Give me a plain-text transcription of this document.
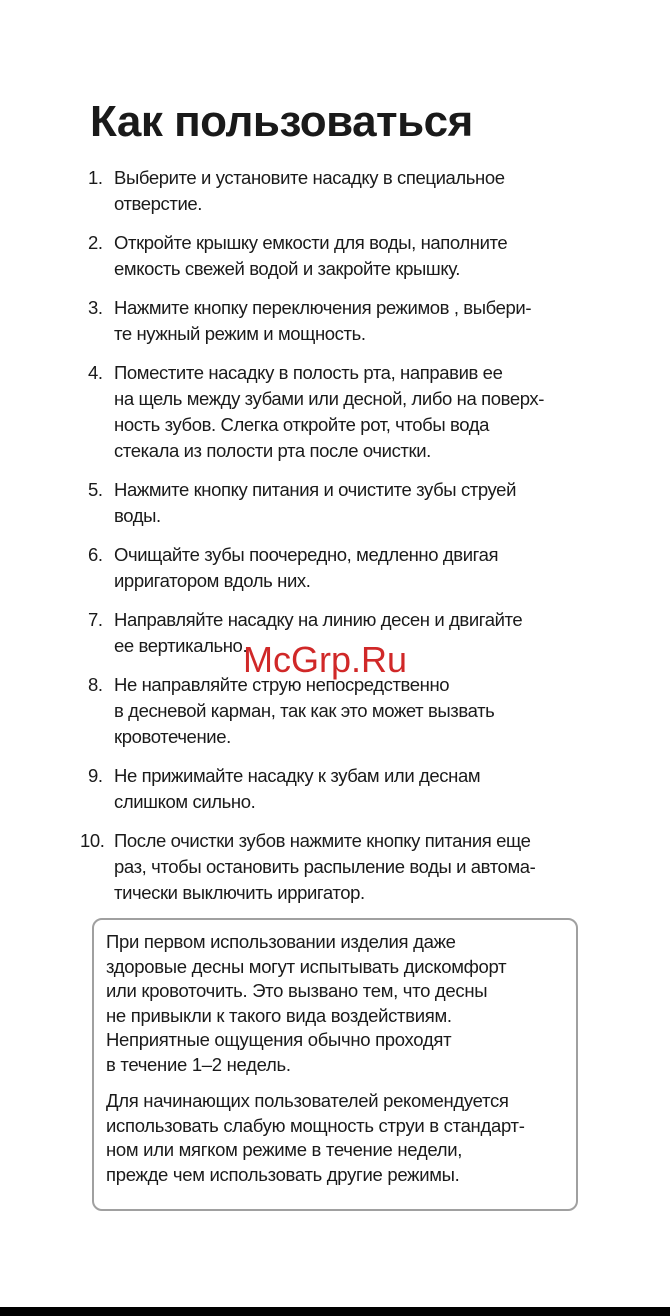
Как пользоваться
1. Выберите и установите насадку в специальное
отверстие.
2. Откройте крышку емкости для воды, наполните
емкость свежей водой и закройте крышку.
3. Нажмите кнопку переключения режимов , выбери-
те нужный режим и мощность.
4. Поместите насадку в полость рта, направив ее
на щель между зубами или десной, либо на поверх-
ность зубов. Слегка откройте рот, чтобы вода
стекала из полости рта после очистки.
5. Нажмите кнопку питания и очистите зубы струей
воды.
6. Очищайте зубы поочередно, медленно двигая
ирригатором вдоль них.
7. Направляйте насадку на линию десен и двигайте
ее вертикально.
8. Не направляйте струю непосредственно
в десневой карман, так как это может вызвать
кровотечение.
9. Не прижимайте насадку к зубам или деснам
слишком сильно.
10. После очистки зубов нажмите кнопку питания еще
раз, чтобы остановить распыление воды и автома-
тически выключить ирригатор.

При первом использовании изделия даже
здоровые десны могут испытывать дискомфорт
или кровоточить. Это вызвано тем, что десны
не привыкли к такого вида воздействиям.
Неприятные ощущения обычно проходят
в течение 1–2 недель.

Для начинающих пользователей рекомендуется
использовать слабую мощность струи в стандарт-
ном или мягком режиме в течение недели,
прежде чем использовать другие режимы.

McGrp.Ru
